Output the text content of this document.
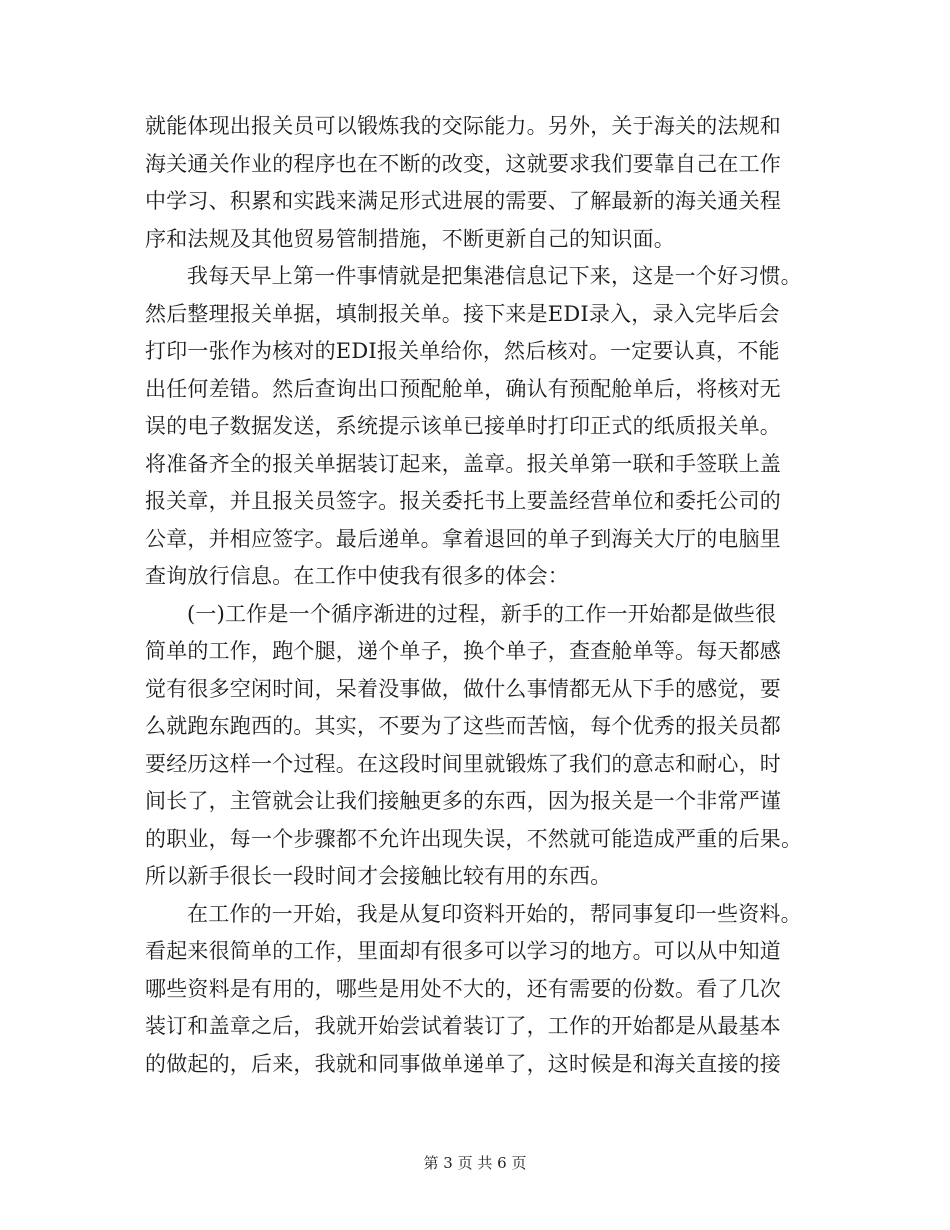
就能体现出报关员可以锻炼我的交际能力。另外，关于海关的法规和
海关通关作业的程序也在不断的改变，这就要求我们要靠自己在工作
中学习、积累和实践来满足形式进展的需要、了解最新的海关通关程
序和法规及其他贸易管制措施，不断更新自己的知识面。
我每天早上第一件事情就是把集港信息记下来，这是一个好习惯。
然后整理报关单据，填制报关单。接下来是EDI录入，录入完毕后会
打印一张作为核对的EDI报关单给你，然后核对。一定要认真，不能
出任何差错。然后查询出口预配舱单，确认有预配舱单后，将核对无
误的电子数据发送，系统提示该单已接单时打印正式的纸质报关单。
将准备齐全的报关单据装订起来，盖章。报关单第一联和手签联上盖
报关章，并且报关员签字。报关委托书上要盖经营单位和委托公司的
公章，并相应签字。最后递单。拿着退回的单子到海关大厅的电脑里
查询放行信息。在工作中使我有很多的体会：
(一)工作是一个循序渐进的过程，新手的工作一开始都是做些很
简单的工作，跑个腿，递个单子，换个单子，查查舱单等。每天都感
觉有很多空闲时间，呆着没事做，做什么事情都无从下手的感觉，要
么就跑东跑西的。其实，不要为了这些而苦恼，每个优秀的报关员都
要经历这样一个过程。在这段时间里就锻炼了我们的意志和耐心，时
间长了，主管就会让我们接触更多的东西，因为报关是一个非常严谨
的职业，每一个步骤都不允许出现失误，不然就可能造成严重的后果。
所以新手很长一段时间才会接触比较有用的东西。
在工作的一开始，我是从复印资料开始的，帮同事复印一些资料。
看起来很简单的工作，里面却有很多可以学习的地方。可以从中知道
哪些资料是有用的，哪些是用处不大的，还有需要的份数。看了几次
装订和盖章之后，我就开始尝试着装订了，工作的开始都是从最基本
的做起的，后来，我就和同事做单递单了，这时候是和海关直接的接
第 3 页 共 6 页
